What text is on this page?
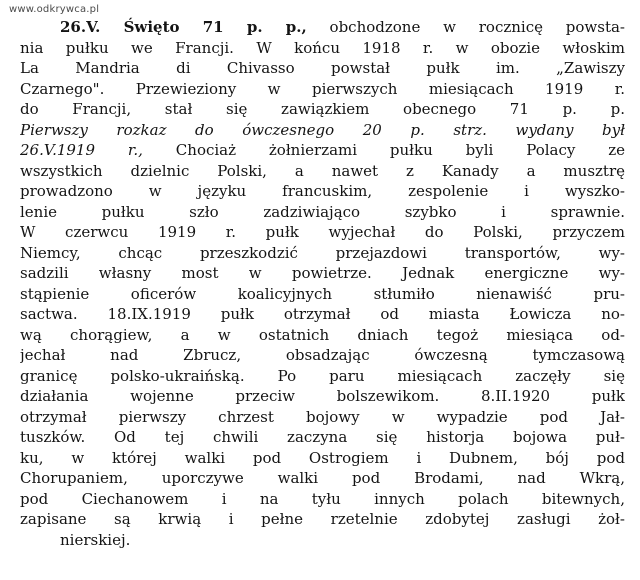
www.odkrywca.pl
26.V. Święto 71 p. p., obchodzone w rocznicę powsta-
nia pułku we Francji. W końcu 1918 r. w obozie włoskim
La Mandria di Chivasso powstał pułk im. „Zawiszy
Czarnego". Przewieziony w pierwszych miesiącach 1919 r.
do Francji, stał się zawiązkiem obecnego 71 p. p.
Pierwszy rozkaz do ówczesnego 20 p. strz. wydany był
26.V.1919 r., Chociaż żołnierzami pułku byli Polacy ze
wszystkich dzielnic Polski, a nawet z Kanady a musztrę
prowadzono w języku francuskim, zespolenie i wyszko-
lenie pułku szło zadziwiająco szybko i sprawnie.
W czerwcu 1919 r. pułk wyjechał do Polski, przyczem
Niemcy, chcąc przeszkodzić przejazdowi transportów, wy-
sadzili własny most w powietrze. Jednak energiczne wy-
stąpienie oficerów koalicyjnych stłumiło nienawiść pru-
sactwa. 18.IX.1919 pułk otrzymał od miasta Łowicza no-
wą chorągiew, a w ostatnich dniach tegoż miesiąca od-
jechał nad Zbrucz, obsadzając ówczesną tymczasową
granicę polsko-ukraińską. Po paru miesiącach zaczęły się
działania wojenne przeciw bolszewikom. 8.II.1920 pułk
otrzymał pierwszy chrzest bojowy w wypadzie pod Jał-
tuszków. Od tej chwili zaczyna się historja bojowa puł-
ku, w której walki pod Ostrogiem i Dubnem, bój pod
Chorupaniem, uporczywe walki pod Brodami, nad Wkrą,
pod Ciechanowem i na tyłu innych polach bitewnych,
zapisane są krwią i pełne rzetelnie zdobytej zasługi żoł-
nierskiej.
